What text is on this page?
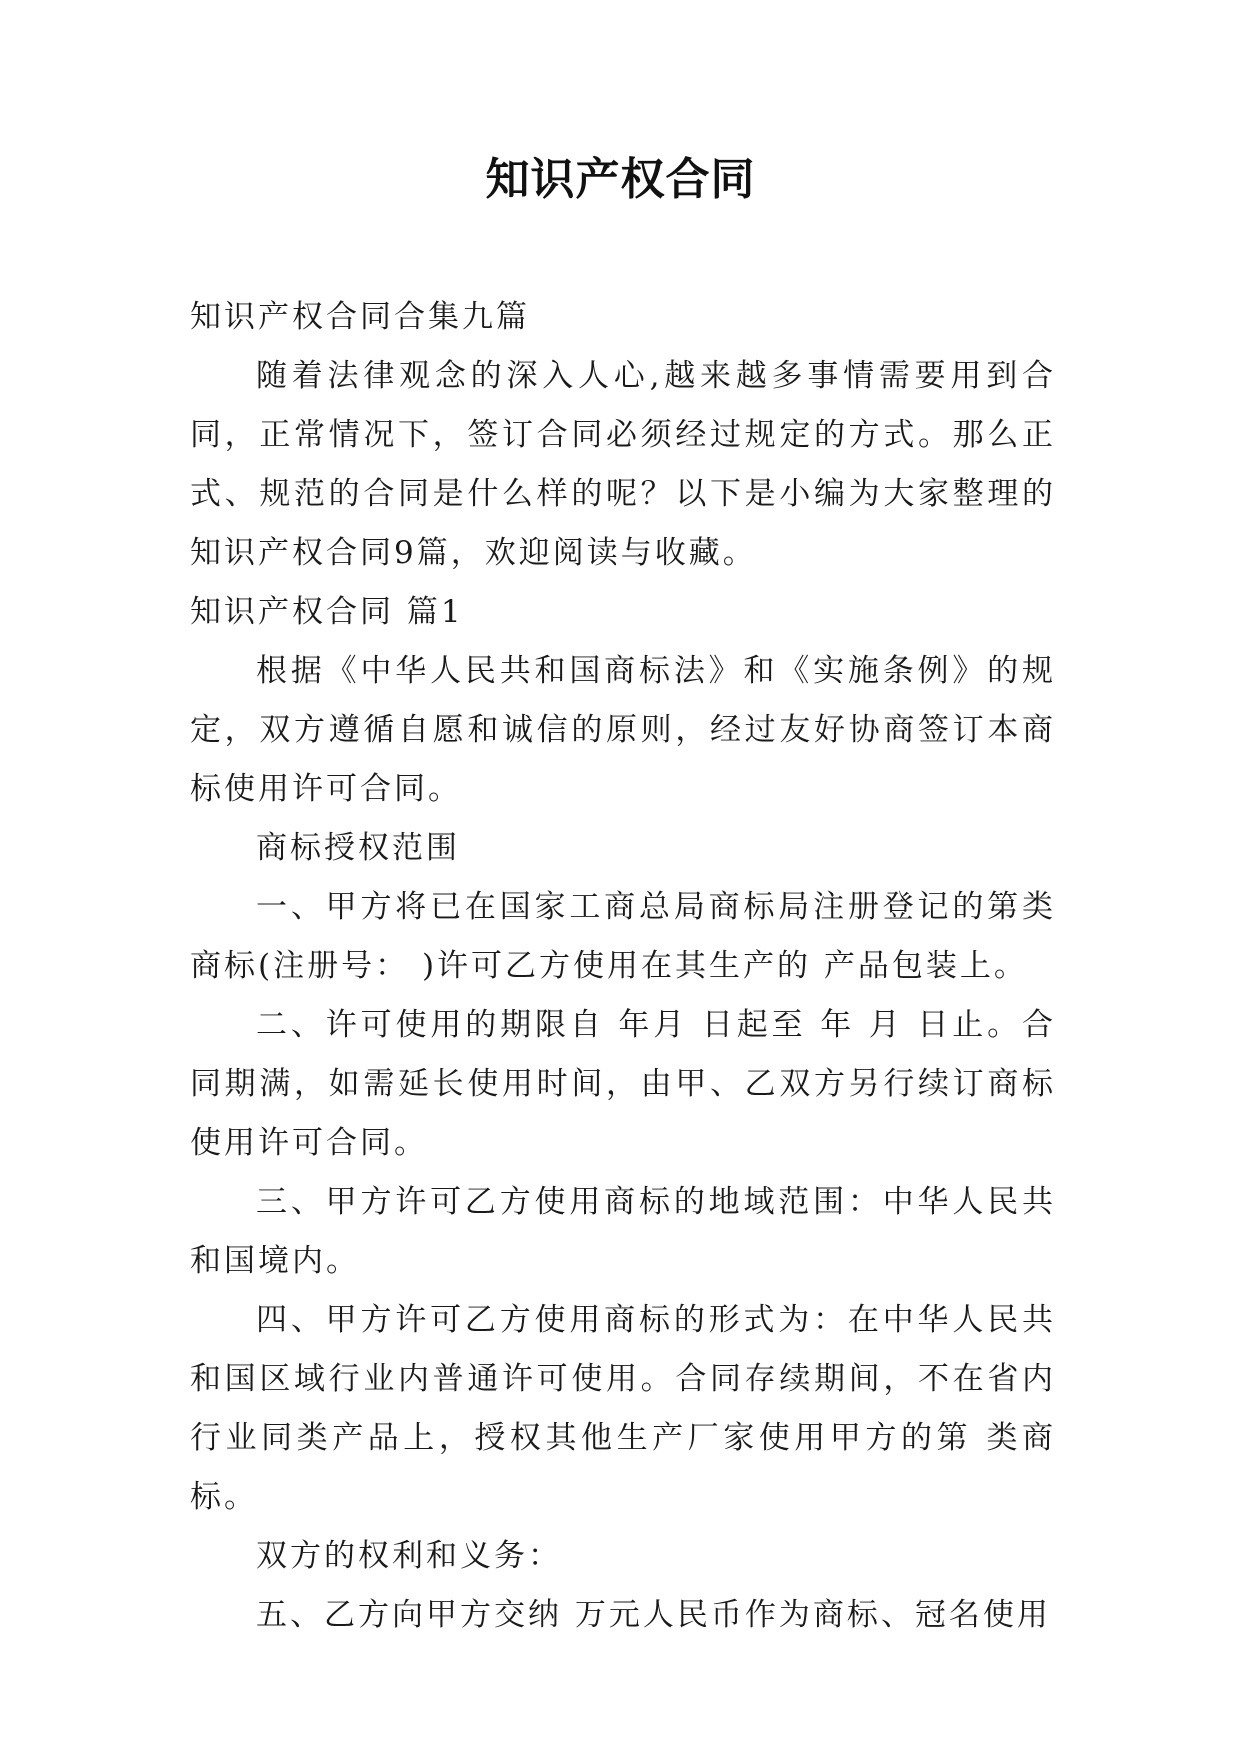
知识产权合同

知识产权合同合集九篇

随着法律观念的深入人心,越来越多事情需要用到合同，正常情况下，签订合同必须经过规定的方式。那么正式、规范的合同是什么样的呢？以下是小编为大家整理的知识产权合同9篇，欢迎阅读与收藏。

知识产权合同 篇1

根据《中华人民共和国商标法》和《实施条例》的规定，双方遵循自愿和诚信的原则，经过友好协商签订本商标使用许可合同。

商标授权范围

一、甲方将已在国家工商总局商标局注册登记的第类商标(注册号： )许可乙方使用在其生产的 产品包装上。

二、许可使用的期限自 年月 日起至 年 月 日止。合同期满，如需延长使用时间，由甲、乙双方另行续订商标使用许可合同。

三、甲方许可乙方使用商标的地域范围：中华人民共和国境内。

四、甲方许可乙方使用商标的形式为：在中华人民共和国区域行业内普通许可使用。合同存续期间，不在省内 行业同类产品上，授权其他生产厂家使用甲方的第 类商标。

双方的权利和义务：

五、乙方向甲方交纳 万元人民币作为商标、冠名使用
